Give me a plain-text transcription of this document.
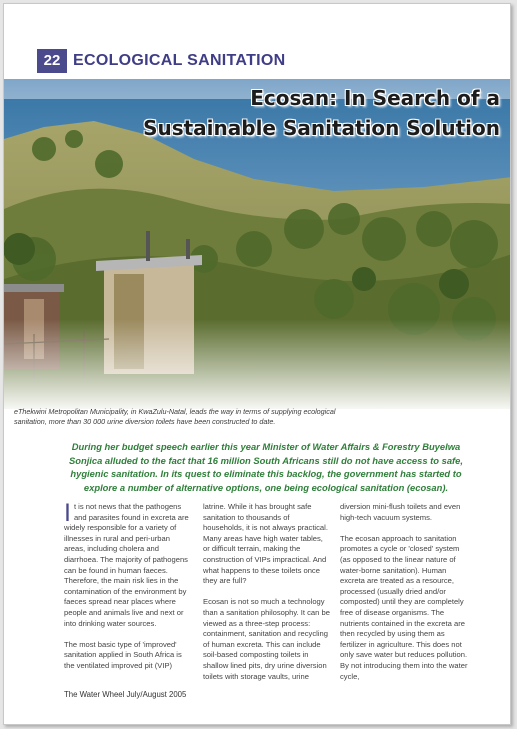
22 ECOLOGICAL SANITATION
Ecosan: In Search of a
Sustainable Sanitation Solution
eThekwini Metropolitan Municipality, in KwaZulu-Natal, leads the way in terms of supplying ecological sanitation, more than 30 000 urine diversion toilets have been constructed to date.
During her budget speech earlier this year Minister of Water Affairs & Forestry Buyelwa Sonjica alluded to the fact that 16 million South Africans still do not have access to safe, hygienic sanitation. In its quest to eliminate this backlog, the government has started to explore a number of alternative options, one being ecological sanitation (ecosan).

It is not news that the pathogens and parasites found in excreta are widely responsible for a variety of illnesses in rural and peri-urban areas, including cholera and diarrhoea. The majority of pathogens can be found in human faeces. Therefore, the main risk lies in the contamination of the environment by faeces spread near places where people and animals live and next or into drinking water sources.

The most basic type of 'improved' sanitation applied in South Africa is the ventilated improved pit (VIP)

latrine. While it has brought safe sanitation to thousands of households, it is not always practical. Many areas have high water tables, or difficult terrain, making the construction of VIPs impractical. And what happens to these toilets once they are full?

Ecosan is not so much a technology than a sanitation philosophy. It can be viewed as a three-step process: containment, sanitation and recycling of human excreta. This can include soil-based composting toilets in shallow lined pits, dry urine diversion toilets with storage vaults, urine

diversion mini-flush toilets and even high-tech vacuum systems.

The ecosan approach to sanitation promotes a cycle or 'closed' system (as opposed to the linear nature of water-borne sanitation). Human excreta are treated as a resource, processed (usually dried and/or composted) until they are completely free of disease organisms. The nutrients contained in the excreta are then recycled by using them as fertilizer in agriculture. This does not only save water but reduces pollution. By not introducing them into the water cycle,

The Water Wheel July/August 2005
